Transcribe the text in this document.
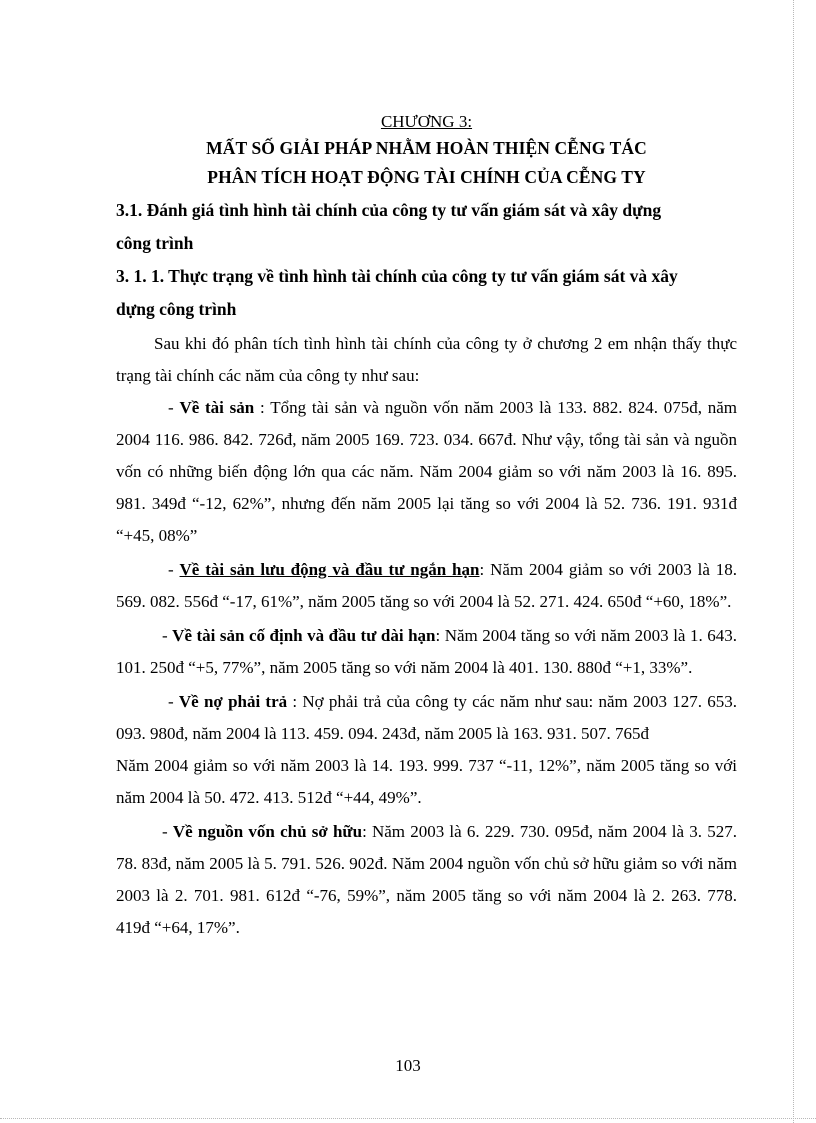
CHƯƠNG 3:

MẤT SỐ GIẢI PHÁP NHẰM HOÀN THIỆN CỄNG TÁC

PHÂN TÍCH HOẠT ĐỘNG TÀI CHÍNH CỦA CỄNG TY

3.1. Đánh giá tình hình tài chính của công ty tư vấn giám sát và xây dựng

công trình

3. 1. 1. Thực trạng về tình hình tài chính của công ty tư vấn giám sát và xây

dựng công trình

Sau khi đó phân tích tình hình tài chính của công ty ở chương 2 em nhận thấy thực trạng tài chính các năm của công ty như sau:

- Về tài sản : Tổng tài sản và nguồn vốn năm 2003 là 133. 882. 824. 075đ, năm 2004 116. 986. 842. 726đ, năm 2005 169. 723. 034. 667đ. Như vậy, tổng tài sản và nguồn vốn có những biến động lớn qua các năm. Năm 2004 giảm so với năm 2003 là 16. 895. 981. 349đ “-12, 62%”, nhưng đến năm 2005 lại tăng so với 2004 là 52. 736. 191. 931đ “+45, 08%”

- Về tài sản lưu động và đầu tư ngắn hạn: Năm 2004 giảm so với 2003 là 18. 569. 082. 556đ “-17, 61%”, năm 2005 tăng so với 2004 là 52. 271. 424. 650đ “+60, 18%”.

- Về tài sản cố định và đầu tư dài hạn: Năm 2004 tăng so với năm 2003 là 1. 643. 101. 250đ “+5, 77%”, năm 2005 tăng so với năm 2004 là 401. 130. 880đ “+1, 33%”.

- Về nợ phải trả : Nợ phải trả của công ty các năm như sau: năm 2003 127. 653. 093. 980đ, năm 2004 là 113. 459. 094. 243đ, năm 2005 là 163. 931. 507. 765đ

Năm 2004 giảm so với năm 2003 là 14. 193. 999. 737 “-11, 12%”, năm 2005 tăng so với năm 2004 là 50. 472. 413. 512đ “+44, 49%”.

- Về nguồn vốn chủ sở hữu: Năm 2003 là 6. 229. 730. 095đ, năm 2004 là 3. 527. 78. 83đ, năm 2005 là 5. 791. 526. 902đ. Năm 2004 nguồn vốn chủ sở hữu giảm so với năm 2003 là 2. 701. 981. 612đ “-76, 59%”, năm 2005 tăng so với năm 2004 là 2. 263. 778. 419đ “+64, 17%”.

103
